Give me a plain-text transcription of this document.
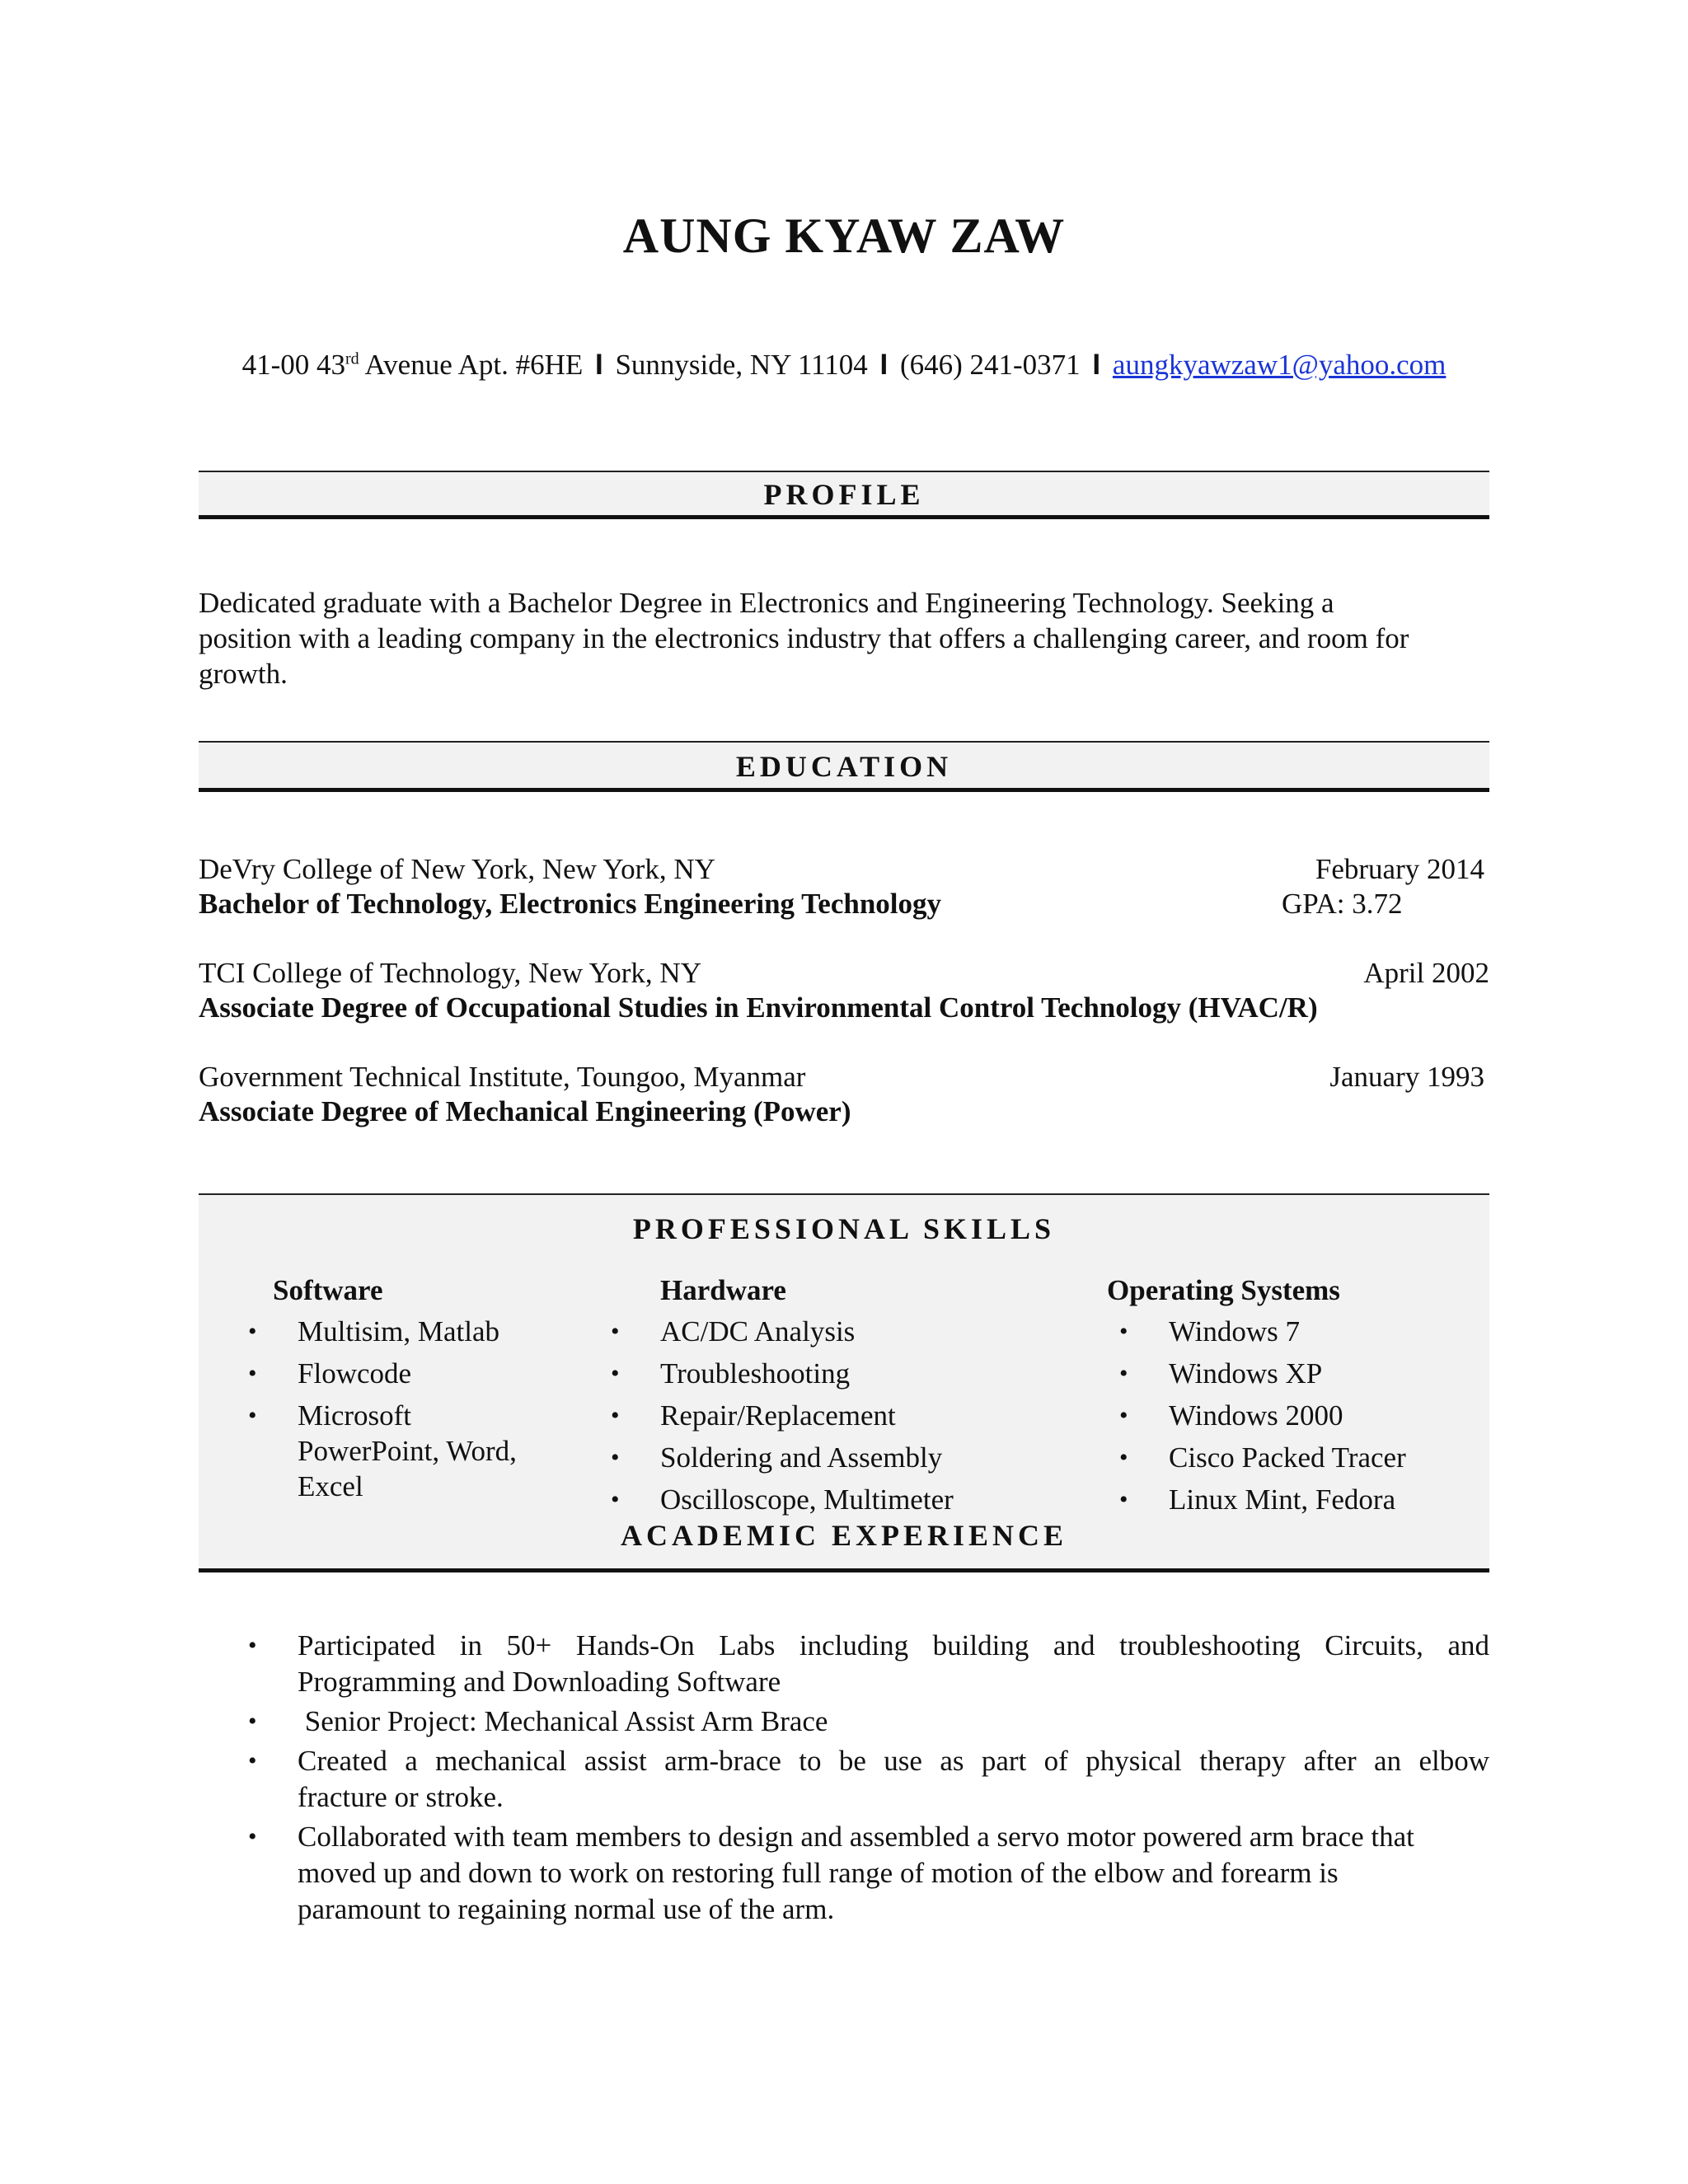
AUNG KYAW ZAW
41-00 43rd Avenue Apt. #6HE I Sunnyside, NY 11104 I (646) 241-0371 I aungkyawzaw1@yahoo.com
PROFILE
Dedicated graduate with a Bachelor Degree in Electronics and Engineering Technology. Seeking a
position with a leading company in the electronics industry that offers a challenging career, and room for
growth.
EDUCATION
DeVry College of New York, New York, NY	February 2014
Bachelor of Technology, Electronics Engineering Technology	GPA: 3.72
TCI College of Technology, New York, NY	April 2002
Associate Degree of Occupational Studies in Environmental Control Technology (HVAC/R)
Government Technical Institute, Toungoo, Myanmar	January 1993
Associate Degree of Mechanical Engineering (Power)
PROFESSIONAL SKILLS
Software
• Multisim, Matlab
• Flowcode
• Microsoft
PowerPoint, Word,
Excel
Hardware
• AC/DC Analysis
• Troubleshooting
• Repair/Replacement
• Soldering and Assembly
• Oscilloscope, Multimeter
Operating Systems
• Windows 7
• Windows XP
• Windows 2000
• Cisco Packed Tracer
• Linux Mint, Fedora
ACADEMIC EXPERIENCE
• Participated in 50+ Hands-On Labs including building and troubleshooting Circuits, and
Programming and Downloading Software
• Senior Project: Mechanical Assist Arm Brace
• Created a mechanical assist arm-brace to be use as part of physical therapy after an elbow
fracture or stroke.
• Collaborated with team members to design and assembled a servo motor powered arm brace that
moved up and down to work on restoring full range of motion of the elbow and forearm is
paramount to regaining normal use of the arm.
